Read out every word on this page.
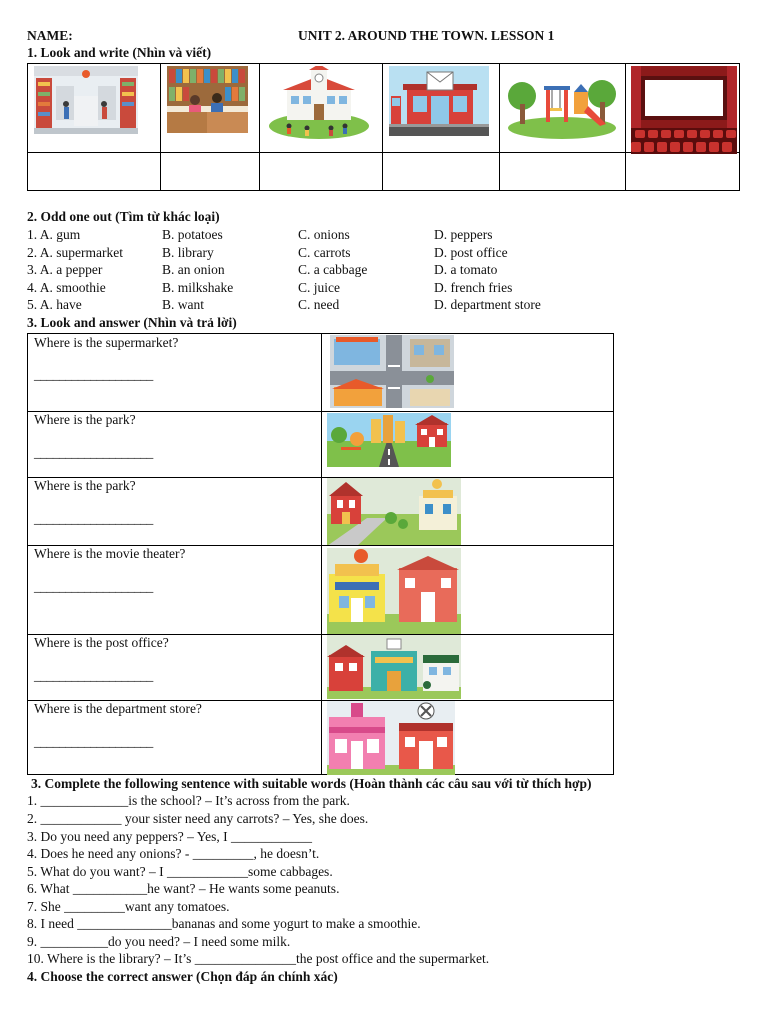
NAME:	UNIT 2. AROUND THE TOWN. LESSON 1
1. Look and write (Nhìn và viết)
2. Odd one out (Tìm từ khác loại)
1. A. gum	B. potatoes	C. onions	D. peppers
2. A. supermarket	B. library	C. carrots	D. post office
3. A. a pepper	B. an onion	C. a cabbage	D. a tomato
4. A. smoothie	B. milkshake	C. juice	D. french fries
5. A. have	B. want	C. need	D. department store
3. Look and answer (Nhìn và trả lời)
Where is the supermarket?
___________________
Where is the park?
___________________
Where is the park?
___________________
Where is the movie theater?
___________________
Where is the post office?
___________________
Where is the department store?
___________________
3. Complete the following sentence with suitable words (Hoàn thành các câu sau với từ thích hợp)
1. _____________is the school? – It’s across from the park.
2. ____________ your sister need any carrots? – Yes, she does.
3. Do you need any peppers? – Yes, I ____________
4. Does he need any onions? - _________, he doesn’t.
5. What do you want? – I ____________some cabbages.
6. What ___________he want? – He wants some peanuts.
7. She _________want any tomatoes.
8. I need ______________bananas and some yogurt to make a smoothie.
9. __________do you need? – I need some milk.
10. Where is the library? – It’s _______________the post office and the supermarket.
4. Choose the correct answer (Chọn đáp án chính xác)
